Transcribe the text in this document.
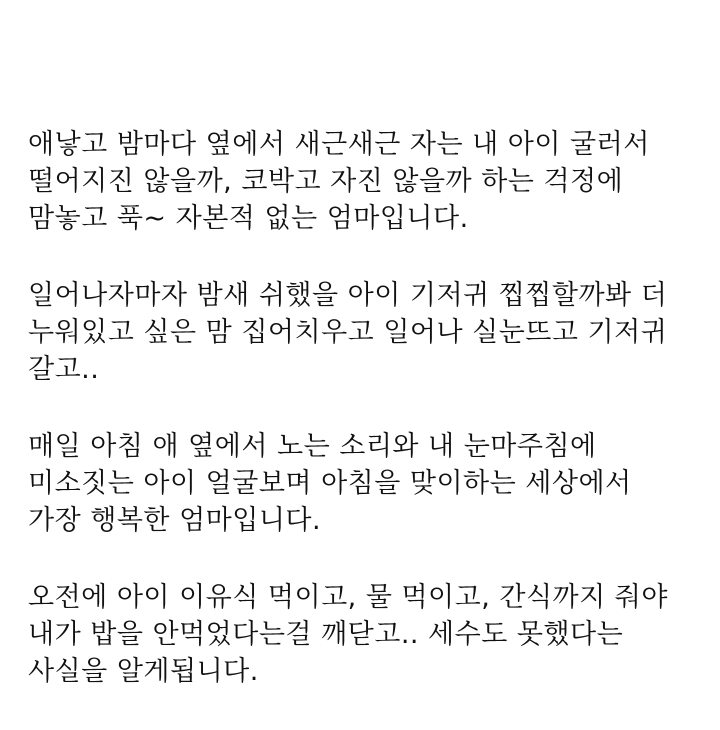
애낳고 밤마다 옆에서 새근새근 자는 내 아이 굴러서
떨어지진 않을까, 코박고 자진 않을까 하는 걱정에
맘놓고 푹~ 자본적 없는 엄마입니다.
일어나자마자 밤새 쉬했을 아이 기저귀 찝찝할까봐 더
누워있고 싶은 맘 집어치우고 일어나 실눈뜨고 기저귀
갈고..
매일 아침 애 옆에서 노는 소리와 내 눈마주침에
미소짓는 아이 얼굴보며 아침을 맞이하는 세상에서
가장 행복한 엄마입니다.
오전에 아이 이유식 먹이고, 물 먹이고, 간식까지 줘야
내가 밥을 안먹었다는걸 깨닫고.. 세수도 못했다는
사실을 알게됩니다.
